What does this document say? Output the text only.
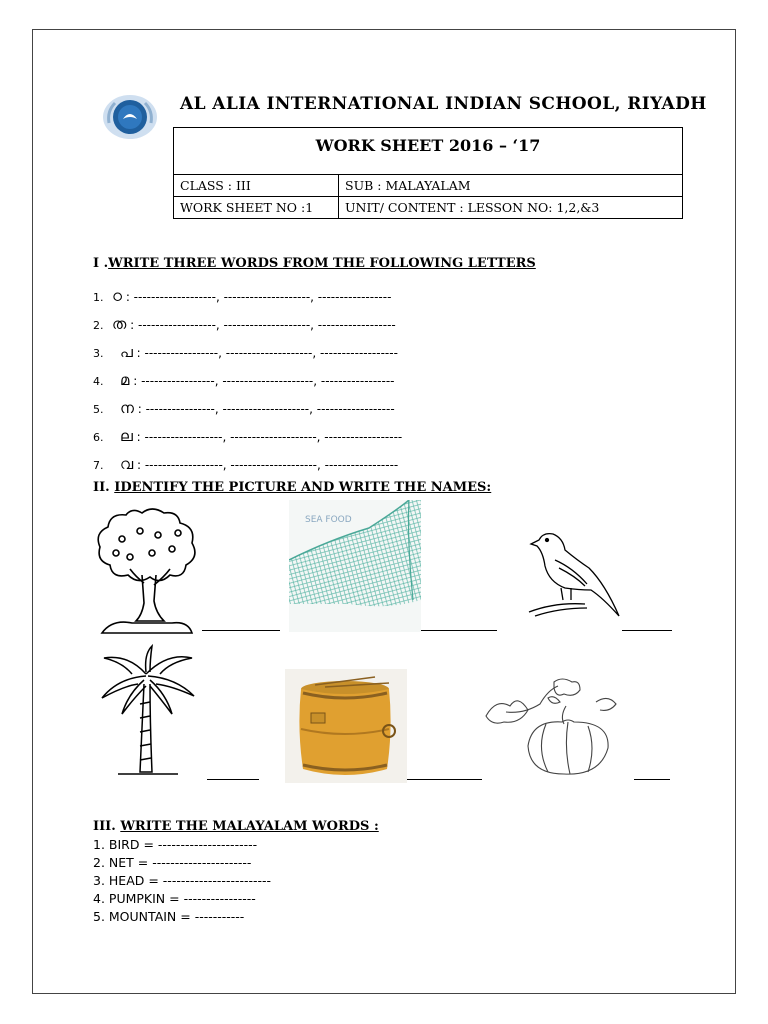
AL ALIA INTERNATIONAL INDIAN SCHOOL, RIYADH
WORK SHEET 2016 – ‘17	
CLASS : III	SUB : MALAYALAM
WORK SHEET NO :1	UNIT/ CONTENT : LESSON NO: 1,2,&3
I .WRITE THREE WORDS FROM THE FOLLOWING LETTERS
1. ഠ : -------------------, --------------------, -----------------
2. ത : ------------------, --------------------, ------------------
3. പ : -----------------, --------------------, ------------------
4. മ : -----------------, ---------------------, -----------------
5. ന : ----------------, --------------------, ------------------
6. ല : ------------------, --------------------, ------------------
7. വ : ------------------, --------------------, -----------------
II. IDENTIFY THE PICTURE AND WRITE THE NAMES:
SEA FOOD
III. WRITE THE MALAYALAM WORDS :
1. BIRD = ----------------------
2. NET = ----------------------
3. HEAD = ------------------------
4. PUMPKIN = ----------------
5. MOUNTAIN = -----------
